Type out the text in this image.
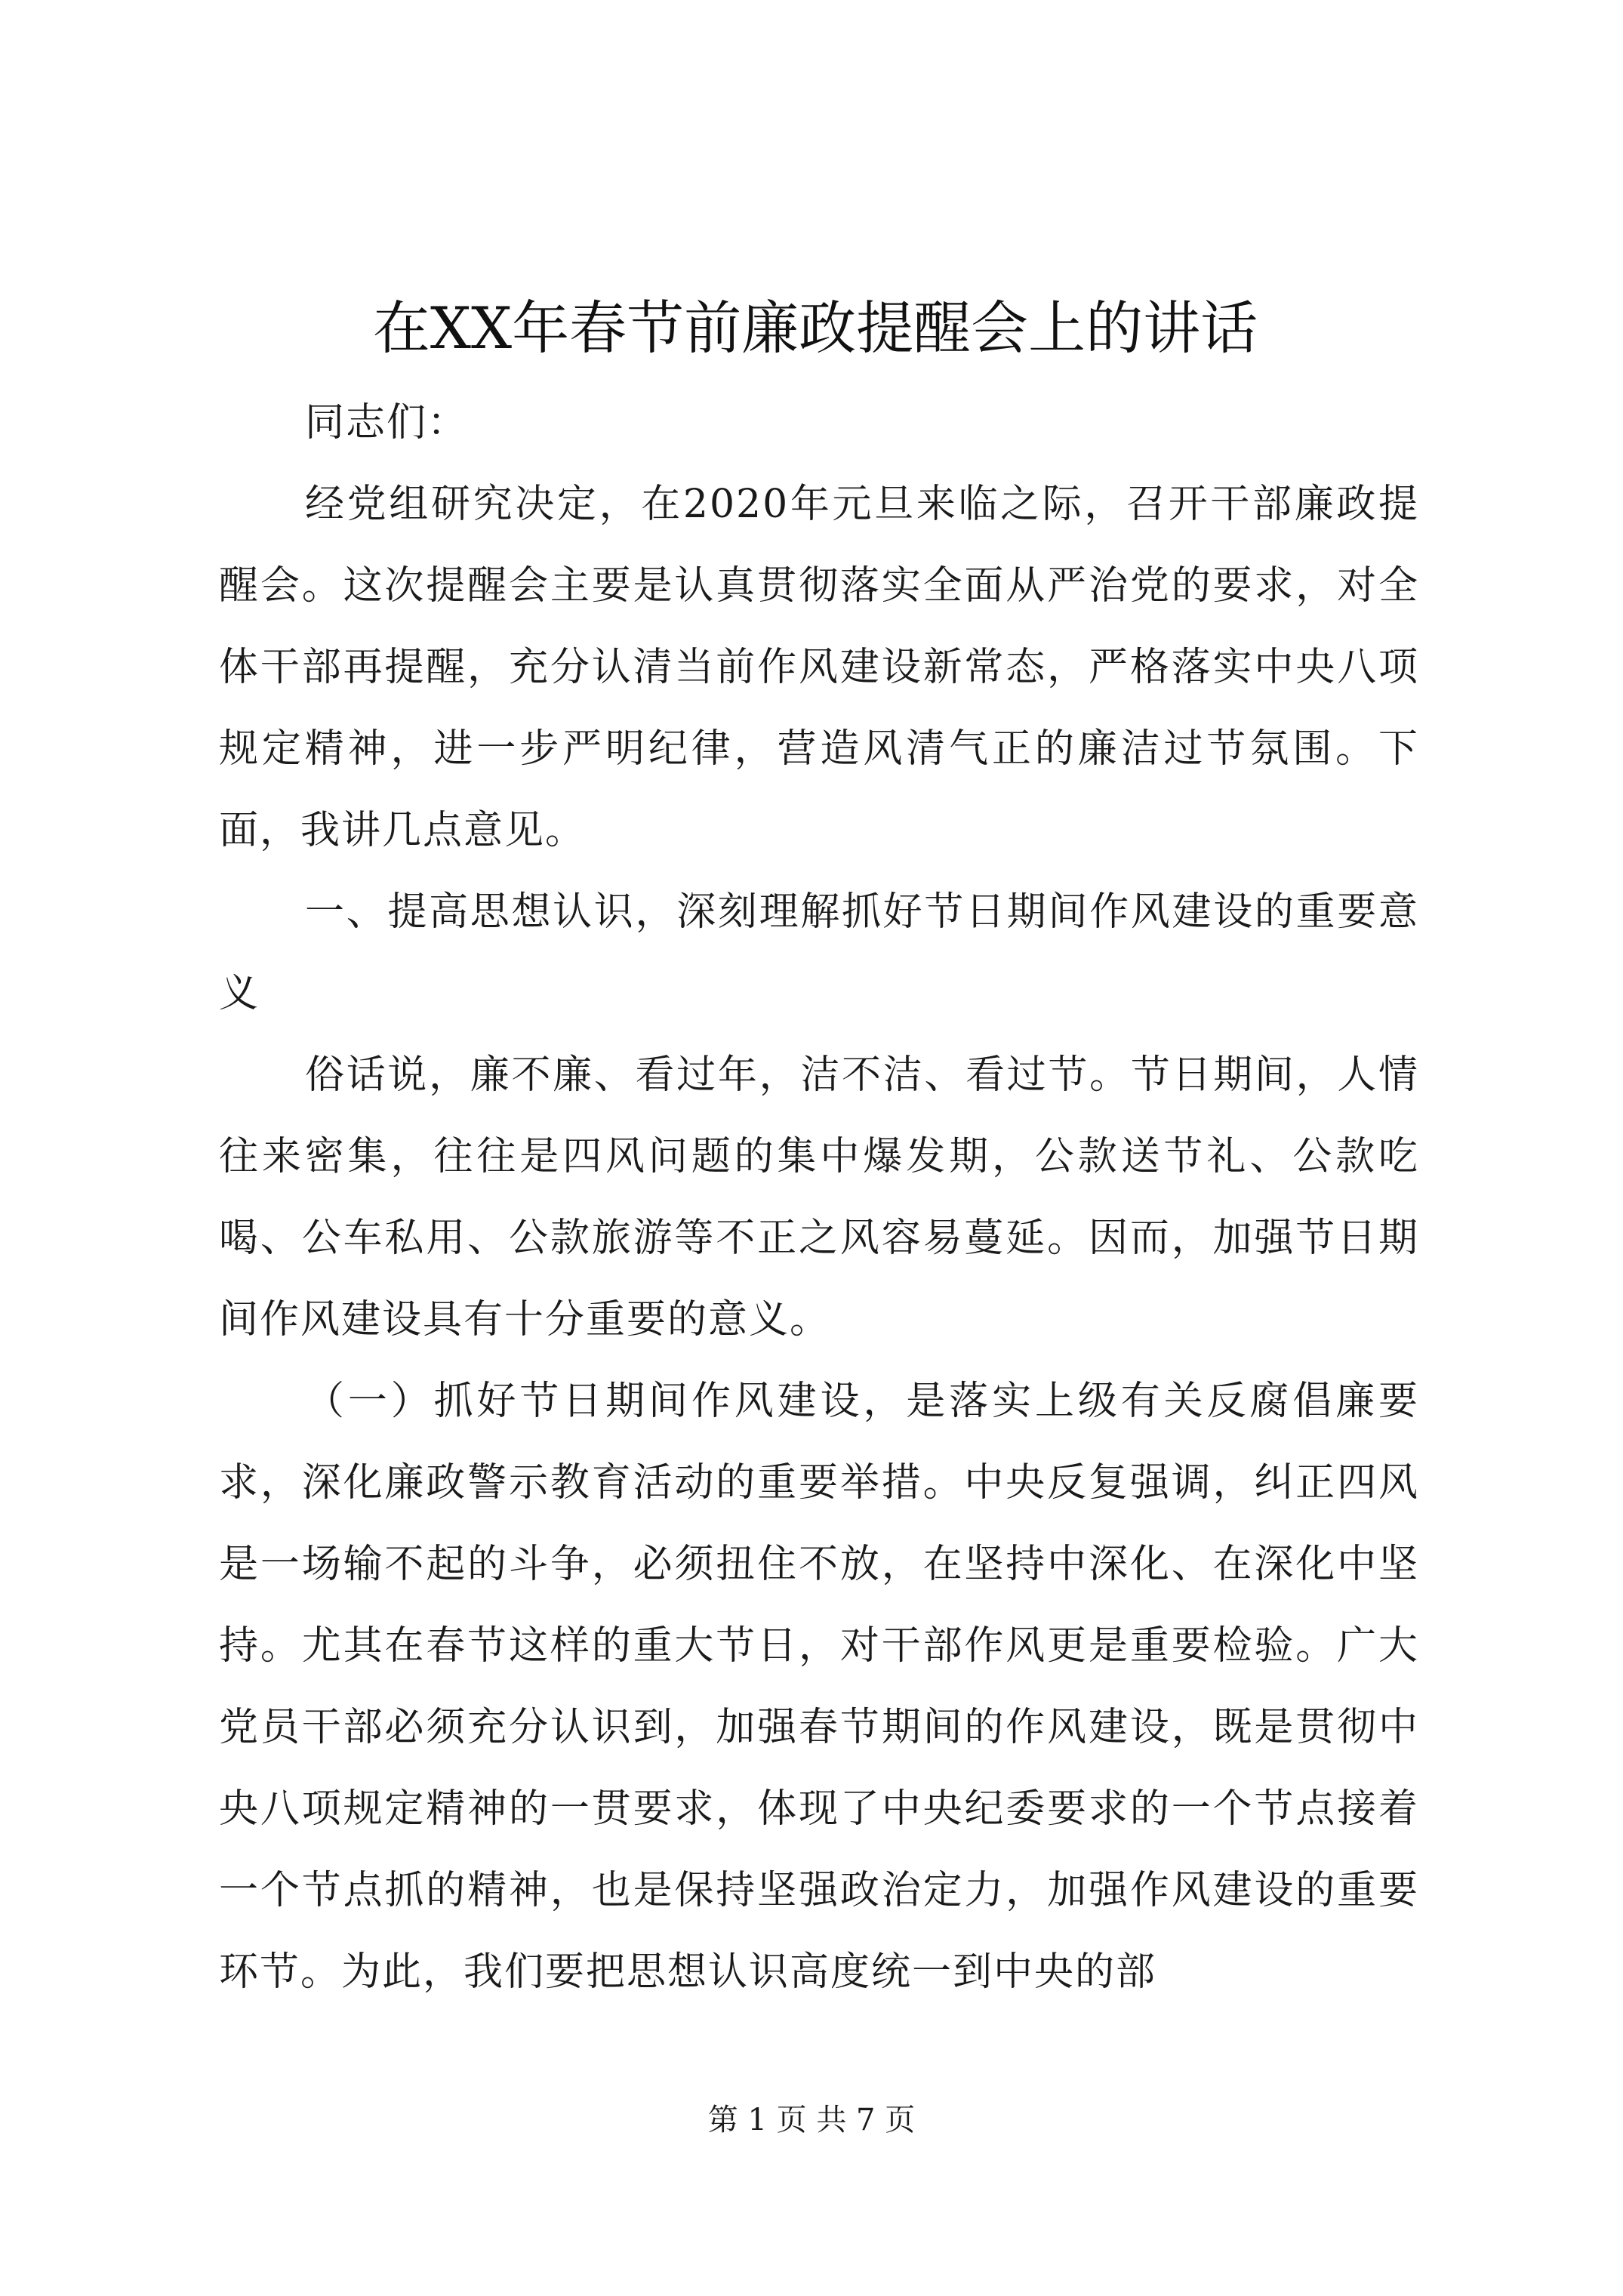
在XX年春节前廉政提醒会上的讲话

同志们：

经党组研究决定，在2020年元旦来临之际，召开干部廉政提醒会。这次提醒会主要是认真贯彻落实全面从严治党的要求，对全体干部再提醒，充分认清当前作风建设新常态，严格落实中央八项规定精神，进一步严明纪律，营造风清气正的廉洁过节氛围。下面，我讲几点意见。

一、提高思想认识，深刻理解抓好节日期间作风建设的重要意义

俗话说，廉不廉、看过年，洁不洁、看过节。节日期间，人情往来密集，往往是四风问题的集中爆发期，公款送节礼、公款吃喝、公车私用、公款旅游等不正之风容易蔓延。因而，加强节日期间作风建设具有十分重要的意义。

（一）抓好节日期间作风建设，是落实上级有关反腐倡廉要求，深化廉政警示教育活动的重要举措。中央反复强调，纠正四风是一场输不起的斗争，必须扭住不放，在坚持中深化、在深化中坚持。尤其在春节这样的重大节日，对干部作风更是重要检验。广大党员干部必须充分认识到，加强春节期间的作风建设，既是贯彻中央八项规定精神的一贯要求，体现了中央纪委要求的一个节点接着一个节点抓的精神，也是保持坚强政治定力，加强作风建设的重要环节。为此，我们要把思想认识高度统一到中央的部

第 1 页 共 7 页
